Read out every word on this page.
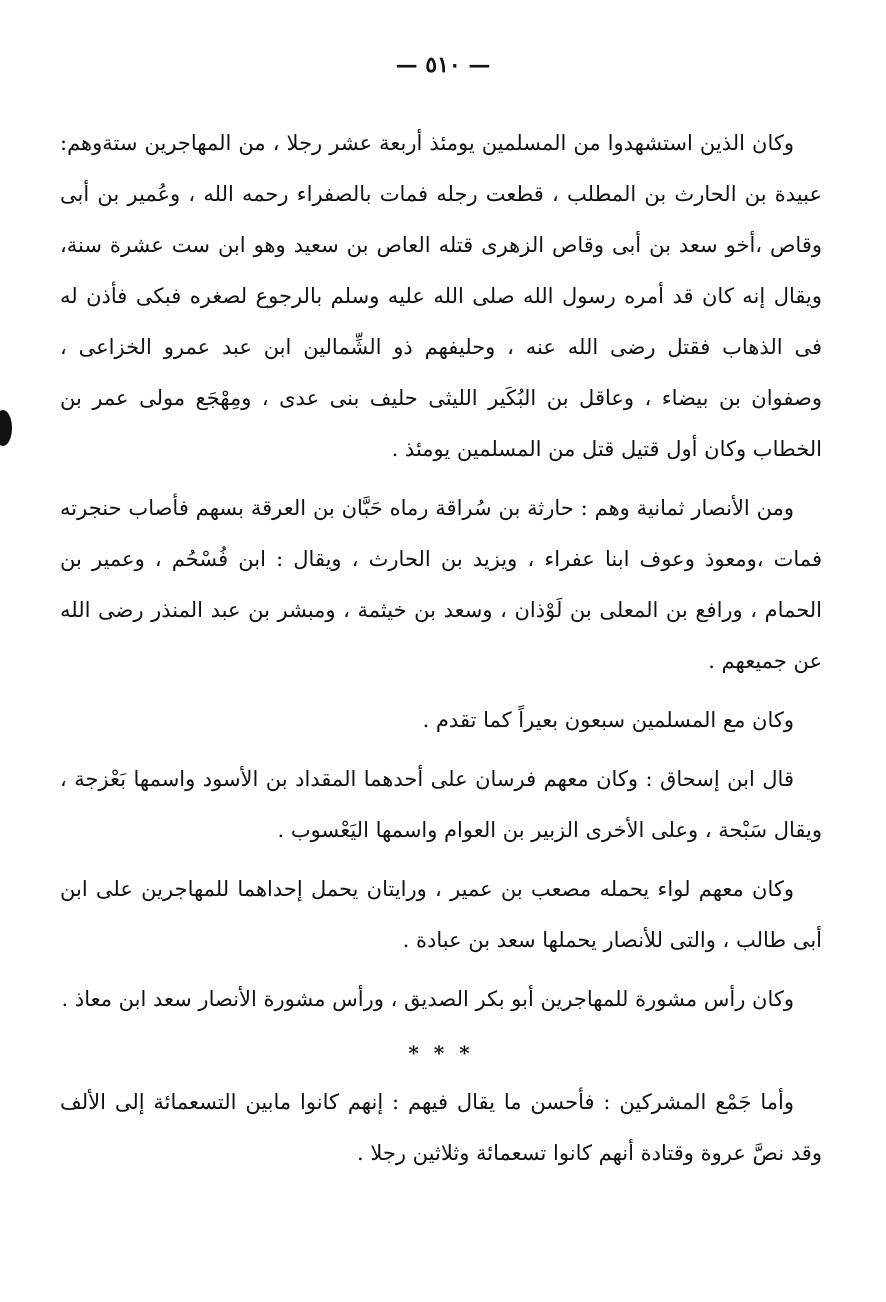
— ٥١٠ —

وكان الذين استشهدوا من المسلمين يومئذ أربعة عشر رجلا ، من المهاجرين ستةوهم: عبيدة بن الحارث بن المطلب ، قطعت رجله فمات بالصفراء رحمه الله ، وعُمير بن أبى وقاص ،أخو سعد بن أبى وقاص الزهرى قتله العاص بن سعيد وهو ابن ست عشرة سنة، ويقال إنه كان قد أمره رسول الله صلى الله عليه وسلم بالرجوع لصغره فبكى فأذن له فى الذهاب فقتل رضى الله عنه ، وحليفهم ذو الشِّمالين ابن عبد عمرو الخزاعى ، وصفوان بن بيضاء ، وعاقل بن البُكَير الليثى حليف بنى عدى ، ومِهْجَع مولى عمر بن الخطاب وكان أول قتيل قتل من المسلمين يومئذ .

ومن الأنصار ثمانية وهم : حارثة بن سُراقة رماه حَبَّان بن العرقة بسهم فأصاب حنجرته فمات ،ومعوذ وعوف ابنا عفراء ، ويزيد بن الحارث ، ويقال : ابن فُسْحُم ، وعمير بن الحمام ، ورافع بن المعلى بن لَوْذان ، وسعد بن خيثمة ، ومبشر بن عبد المنذر رضى الله عن جميعهم .

وكان مع المسلمين سبعون بعيراً كما تقدم .

قال ابن إسحاق : وكان معهم فرسان على أحدهما المقداد بن الأسود واسمها بَعْزجة ، ويقال سَبْحة ، وعلى الأخرى الزبير بن العوام واسمها اليَعْسوب .

وكان معهم لواء يحمله مصعب بن عمير ، ورايتان يحمل إحداهما للمهاجرين على ابن أبى طالب ، والتى للأنصار يحملها سعد بن عبادة .

وكان رأس مشورة للمهاجرين أبو بكر الصديق ، ورأس مشورة الأنصار سعد ابن معاذ .

* * *

وأما جَمْع المشركين : فأحسن ما يقال فيهم : إنهم كانوا مابين التسعمائة إلى الألف وقد نصَّ عروة وقتادة أنهم كانوا تسعمائة وثلاثين رجلا .
